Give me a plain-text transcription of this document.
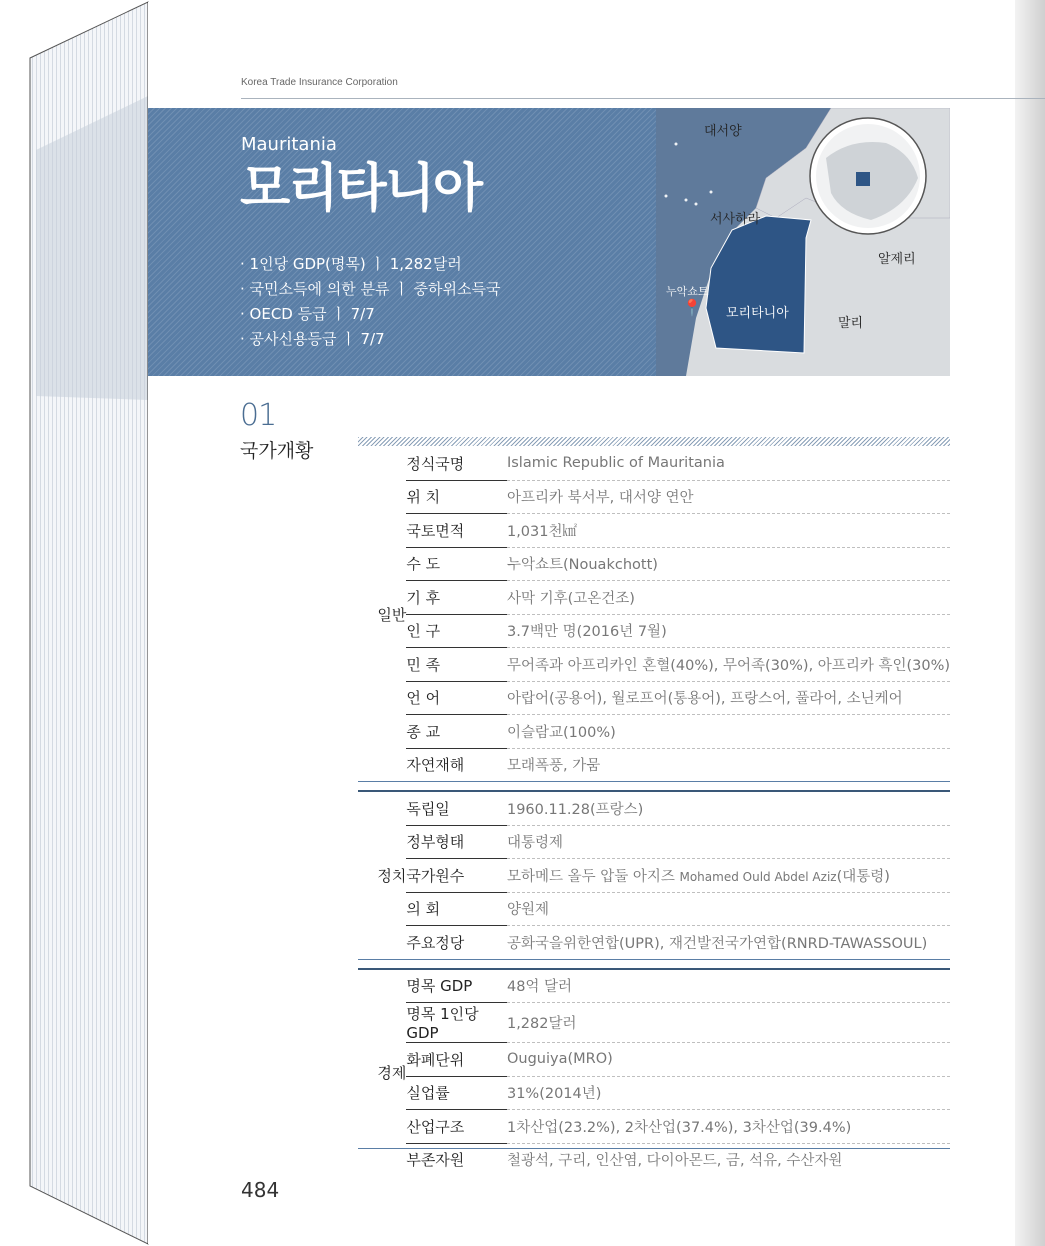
Korea Trade Insurance Corporation
Mauritania
모리타니아
· 1인당 GDP(명목) ㅣ 1,282달러
· 국민소득에 의한 분류 ㅣ 중하위소득국
· OECD 등급 ㅣ 7/7
· 공사신용등급 ㅣ 7/7
대서양
서사하라
알제리
누악쇼트
📍 모리타니아
말리
01
국가개황
일반	정식국명	Islamic Republic of Mauritania
	위 치	아프리카 북서부, 대서양 연안
	국토면적	1,031천㎢
	수 도	누악쇼트(Nouakchott)
	기 후	사막 기후(고온건조)
	인 구	3.7백만 명(2016년 7월)
	민 족	무어족과 아프리카인 혼혈(40%), 무어족(30%), 아프리카 흑인(30%)
	언 어	아랍어(공용어), 월로프어(통용어), 프랑스어, 풀라어, 소닌케어
	종 교	이슬람교(100%)
	자연재해	모래폭풍, 가뭄

정치	독립일	1960.11.28(프랑스)
	정부형태	대통령제
	국가원수	모하메드 올두 압둘 아지즈 Mohamed Ould Abdel Aziz(대통령)
	의 회	양원제
	주요정당	공화국을위한연합(UPR), 재건발전국가연합(RNRD-TAWASSOUL)

경제	명목 GDP	48억 달러
	명목 1인당 GDP	1,282달러
	화폐단위	Ouguiya(MRO)
	실업률	31%(2014년)
	산업구조	1차산업(23.2%), 2차산업(37.4%), 3차산업(39.4%)
	부존자원	철광석, 구리, 인산염, 다이아몬드, 금, 석유, 수산자원
484
